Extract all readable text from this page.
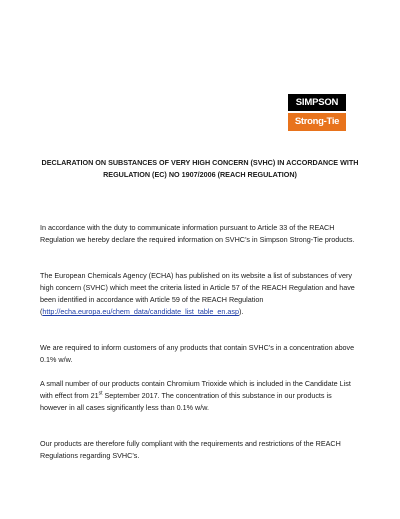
SIMPSON
Strong-Tie
DECLARATION ON SUBSTANCES OF VERY HIGH CONCERN (SVHC) IN ACCORDANCE WITH
REGULATION (EC) NO 1907/2006 (REACH REGULATION)

In accordance with the duty to communicate information pursuant to Article 33 of the REACH Regulation we hereby declare the required information on SVHC’s in Simpson Strong-Tie products.

The European Chemicals Agency (ECHA) has published on its website a list of substances of very high concern (SVHC) which meet the criteria listed in Article 57 of the REACH Regulation and have been identified in accordance with Article 59 of the REACH Regulation (http://echa.europa.eu/chem_data/candidate_list_table_en.asp).

We are required to inform customers of any products that contain SVHC’s in a concentration above 0.1% w/w.

A small number of our products contain Chromium Trioxide which is included in the Candidate List with effect from 21st September 2017. The concentration of this substance in our products is however in all cases significantly less than 0.1% w/w.

Our products are therefore fully compliant with the requirements and restrictions of the REACH Regulations regarding SVHC’s.
